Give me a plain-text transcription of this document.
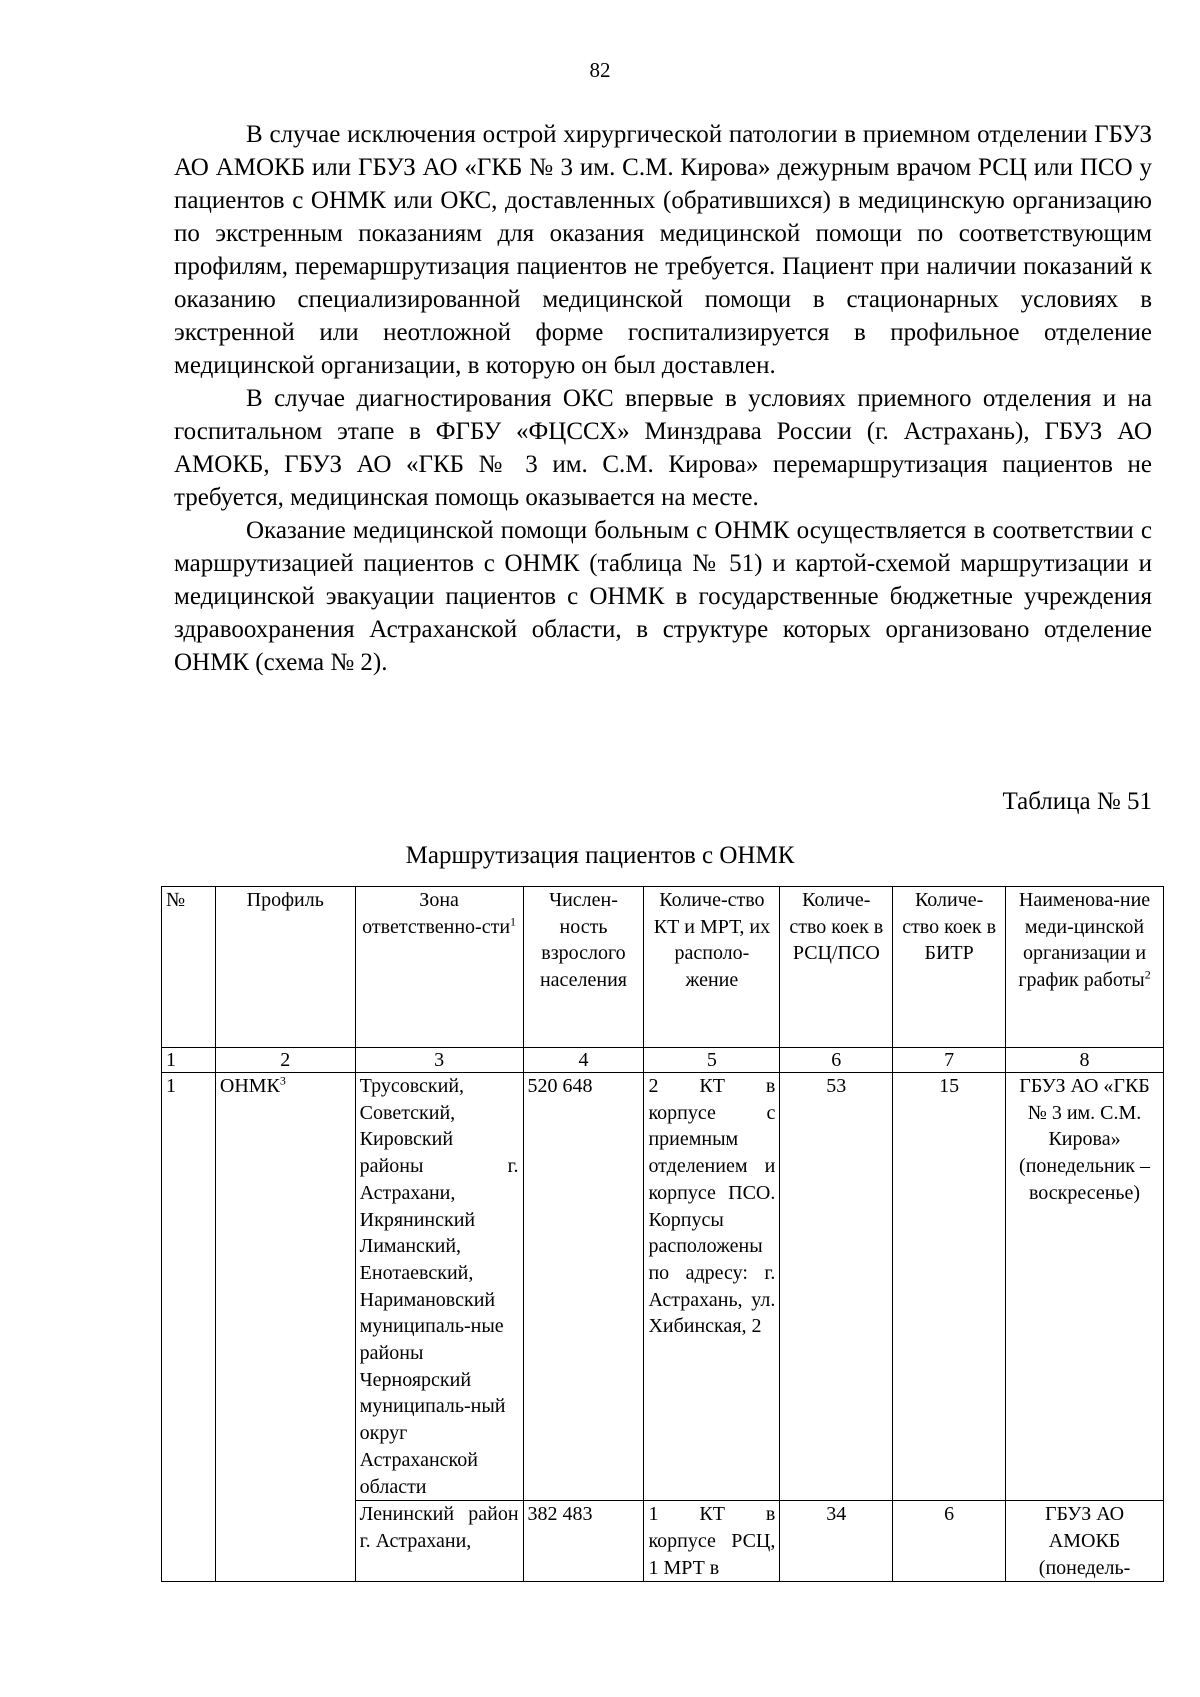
82

В случае исключения острой хирургической патологии в приемном отделении ГБУЗ АО АМОКБ или ГБУЗ АО «ГКБ № 3 им. С.М. Кирова» дежурным врачом РСЦ или ПСО у пациентов с ОНМК или ОКС, доставленных (обратившихся) в медицинскую организацию по экстренным показаниям для оказания медицинской помощи по соответствующим профилям, перемаршрутизация пациентов не требуется. Пациент при наличии показаний к оказанию специализированной медицинской помощи в стационарных условиях в экстренной или неотложной форме госпитализируется в профильное отделение медицинской организации, в которую он был доставлен.

В случае диагностирования ОКС впервые в условиях приемного отделения и на госпитальном этапе в ФГБУ «ФЦССХ» Минздрава России (г. Астрахань), ГБУЗ АО АМОКБ, ГБУЗ АО «ГКБ № 3 им. С.М. Кирова» перемаршрутизация пациентов не требуется, медицинская помощь оказывается на месте.

Оказание медицинской помощи больным с ОНМК осуществляется в соответствии с маршрутизацией пациентов с ОНМК (таблица № 51) и картой-схемой маршрутизации и медицинской эвакуации пациентов с ОНМК в государственные бюджетные учреждения здравоохранения Астраханской области, в структуре которых организовано отделение ОНМК (схема № 2).

Таблица № 51
Маршрутизация пациентов с ОНМК
№	Профиль	Зона ответственно-сти$^1$	Числен-ность взрослого населения	Количе-ство КТ и МРТ, их располо-жение	Количе-ство коек в РСЦ/ПСО	Количе-ство коек в БИТР	Наименова-ние меди-цинской организации и график работы$^2$
1	2	3	4	5	6	7	8
1	ОНМК$^3$	Трусовский, Советский, Кировский районы г. Астрахани, Икрянинский Лиманский, Енотаевский, Наримановский муниципаль-ные районы Черноярский муниципаль-ный округ Астраханской области	520 648	2 КТ в корпусе с приемным отделением и корпусе ПСО. Корпусы расположены по адресу: г. Астрахань, ул. Хибинская, 2	53	15	ГБУЗ АО «ГКБ № 3 им. С.М. Кирова» (понедельник – воскресенье)
		Ленинский район г. Астрахани,	382 483	1 КТ в корпусе РСЦ, 1 МРТ в	34	6	ГБУЗ АО АМОКБ (понедель-
